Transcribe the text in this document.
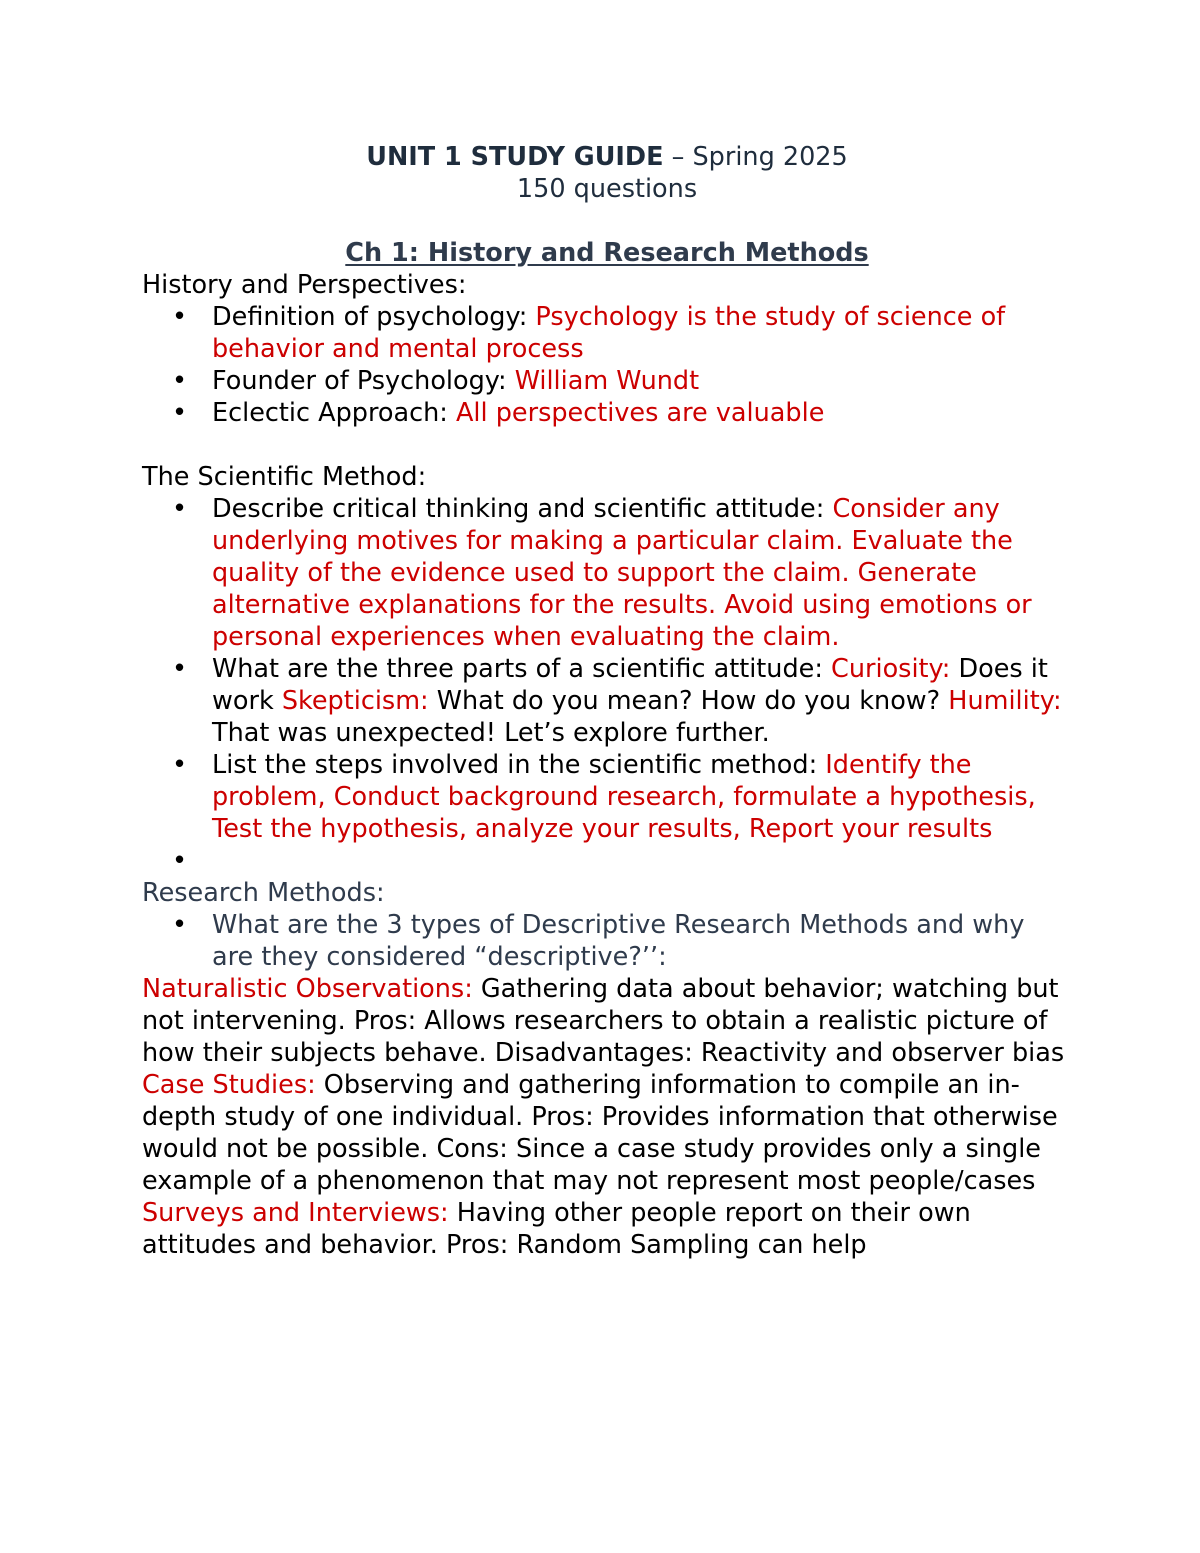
UNIT 1 STUDY GUIDE – Spring 2025
150 questions
Ch 1: History and Research Methods
History and Perspectives:
• Definition of psychology: Psychology is the study of science of behavior and mental process
• Founder of Psychology: William Wundt
• Eclectic Approach: All perspectives are valuable
The Scientific Method:
• Describe critical thinking and scientific attitude: Consider any underlying motives for making a particular claim. Evaluate the quality of the evidence used to support the claim. Generate alternative explanations for the results. Avoid using emotions or personal experiences when evaluating the claim.
• What are the three parts of a scientific attitude: Curiosity: Does it work Skepticism: What do you mean? How do you know? Humility: That was unexpected! Let’s explore further.
• List the steps involved in the scientific method: Identify the problem, Conduct background research, formulate a hypothesis, Test the hypothesis, analyze your results, Report your results
•
Research Methods:
• What are the 3 types of Descriptive Research Methods and why are they considered “descriptive?’’:

Naturalistic Observations: Gathering data about behavior; watching but not intervening. Pros: Allows researchers to obtain a realistic picture of how their subjects behave. Disadvantages: Reactivity and observer bias

Case Studies: Observing and gathering information to compile an in-depth study of one individual. Pros: Provides information that otherwise would not be possible. Cons: Since a case study provides only a single example of a phenomenon that may not represent most people/cases

Surveys and Interviews: Having other people report on their own attitudes and behavior. Pros: Random Sampling can help
